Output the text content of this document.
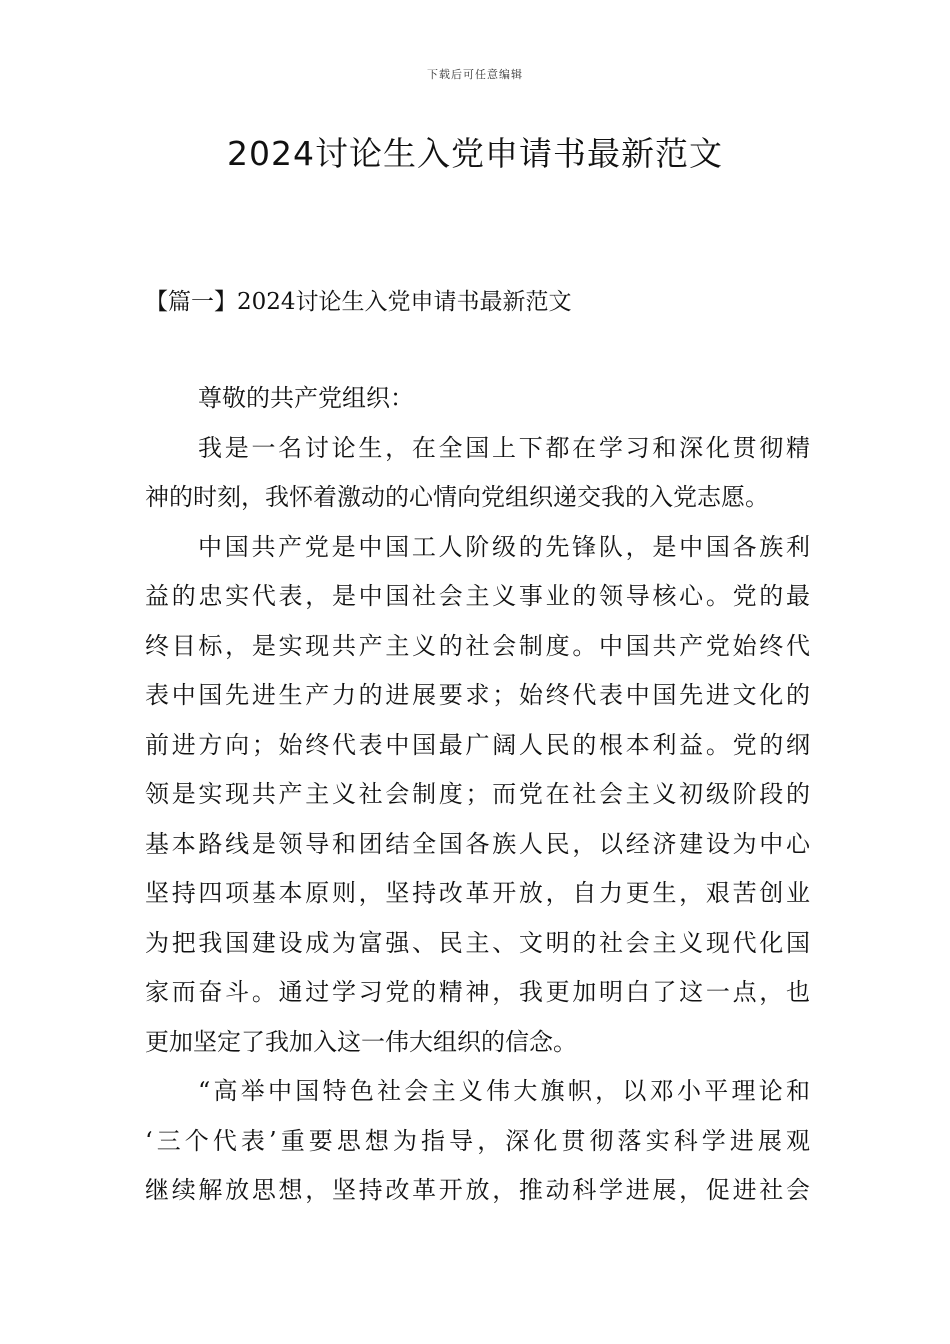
下载后可任意编辑
2024讨论生入党申请书最新范文
【篇一】2024讨论生入党申请书最新范文
尊敬的共产党组织：
我是一名讨论生，在全国上下都在学习和深化贯彻精
神的时刻，我怀着激动的心情向党组织递交我的入党志愿。
中国共产党是中国工人阶级的先锋队，是中国各族利
益的忠实代表，是中国社会主义事业的领导核心。党的最
终目标，是实现共产主义的社会制度。中国共产党始终代
表中国先进生产力的进展要求；始终代表中国先进文化的
前进方向；始终代表中国最广阔人民的根本利益。党的纲
领是实现共产主义社会制度；而党在社会主义初级阶段的
基本路线是领导和团结全国各族人民，以经济建设为中心
坚持四项基本原则，坚持改革开放，自力更生，艰苦创业
为把我国建设成为富强、民主、文明的社会主义现代化国
家而奋斗。通过学习党的精神，我更加明白了这一点，也
更加坚定了我加入这一伟大组织的信念。
“高举中国特色社会主义伟大旗帜，以邓小平理论和
‘三个代表’重要思想为指导，深化贯彻落实科学进展观
继续解放思想，坚持改革开放，推动科学进展，促进社会
